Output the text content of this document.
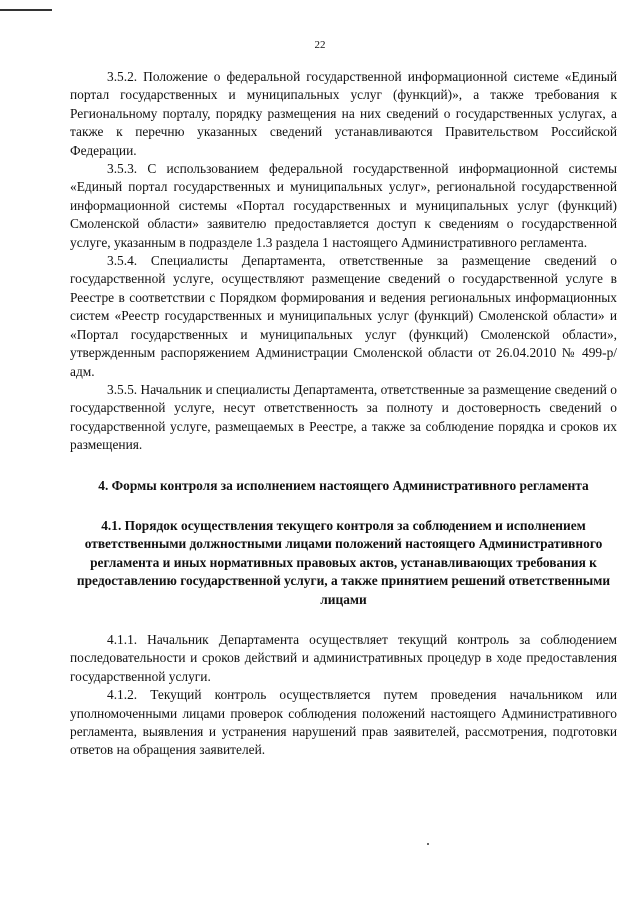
22

3.5.2. Положение о федеральной государственной информационной системе «Единый портал государственных и муниципальных услуг (функций)», а также требования к Региональному порталу, порядку размещения на них сведений о государственных услугах, а также к перечню указанных сведений устанавливаются Правительством Российской Федерации.

3.5.3. С использованием федеральной государственной информационной системы «Единый портал государственных и муниципальных услуг», региональной государственной информационной системы «Портал государственных и муниципальных услуг (функций) Смоленской области» заявителю предоставляется доступ к сведениям о государственной услуге, указанным в подразделе 1.3 раздела 1 настоящего Административного регламента.

3.5.4. Специалисты Департамента, ответственные за размещение сведений о государственной услуге, осуществляют размещение сведений о государственной услуге в Реестре в соответствии с Порядком формирования и ведения региональных информационных систем «Реестр государственных и муниципальных услуг (функций) Смоленской области» и «Портал государственных и муниципальных услуг (функций) Смоленской области», утвержденным распоряжением Администрации Смоленской области от 26.04.2010 № 499-р/адм.

3.5.5. Начальник и специалисты Департамента, ответственные за размещение сведений о государственной услуге, несут ответственность за полноту и достоверность сведений о государственной услуге, размещаемых в Реестре, а также за соблюдение порядка и сроков их размещения.

4. Формы контроля за исполнением настоящего Административного регламента
4.1. Порядок осуществления текущего контроля за соблюдением и исполнением ответственными должностными лицами положений настоящего Административного регламента и иных нормативных правовых актов, устанавливающих требования к предоставлению государственной услуги, а также принятием решений ответственными лицами

4.1.1. Начальник Департамента осуществляет текущий контроль за соблюдением последовательности и сроков действий и административных процедур в ходе предоставления государственной услуги.

4.1.2. Текущий контроль осуществляется путем проведения начальником или уполномоченными лицами проверок соблюдения положений настоящего Административного регламента, выявления и устранения нарушений прав заявителей, рассмотрения, подготовки ответов на обращения заявителей.
